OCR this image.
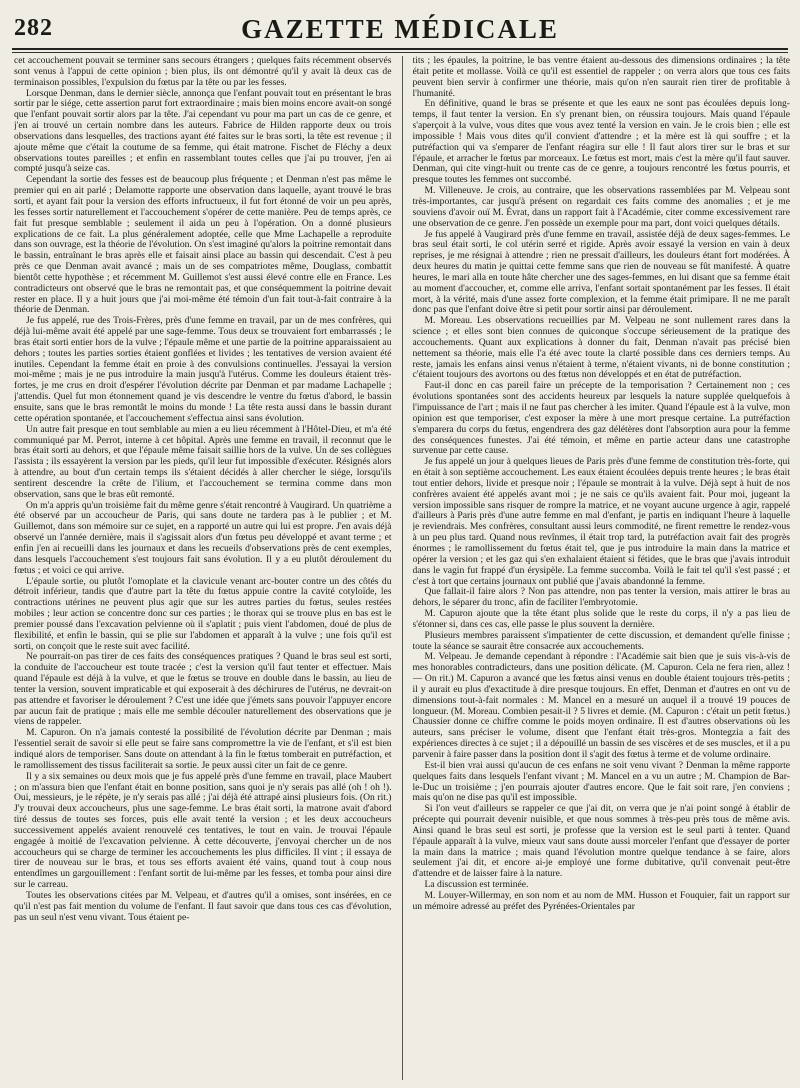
282	GAZETTE MÉDICALE

cet accouchement pouvait se terminer sans secours étrangers ; quelques faits récemment observés sont venus à l'appui de cette opinion ; bien plus, ils ont démontré qu'il y avait là deux cas de terminaison possibles, l'expulsion du fœtus par la tête ou par les fesses.

Lorsque Denman, dans le dernier siècle, annonça que l'enfant pouvait tout en présentant le bras sortir par le siége, cette assertion parut fort extraordinaire ; mais bien moins encore avait-on songé que l'enfant pouvait sortir alors par la tête. J'ai cependant vu pour ma part un cas de ce genre, et j'en ai trouvé un certain nombre dans les auteurs. Fabrice de Hilden rapporte deux ou trois observations dans lesquelles, des tractions ayant été faites sur le bras sorti, la tête est revenue ; il ajoute même que c'était la coutume de sa femme, qui était matrone. Fischet de Fléchy a deux observations toutes pareilles ; et enfin en rassemblant toutes celles que j'ai pu trouver, j'en ai compté jusqu'à seize cas.

Cependant la sortie des fesses est de beaucoup plus fréquente ; et Denman n'est pas même le premier qui en ait parlé ; Delamotte rapporte une observation dans laquelle, ayant trouvé le bras sorti, et ayant fait pour la version des efforts infructueux, il fut fort étonné de voir un peu après, les fesses sortir naturellement et l'accouchement s'opérer de cette manière. Peu de temps après, ce fait fut presque semblable ; seulement il aida un peu à l'opération. On a donné plusieurs explications de ce fait. La plus généralement adoptée, celle que Mme Lachapelle a reproduite dans son ouvrage, est la théorie de l'évolution. On s'est imaginé qu'alors la poitrine remontait dans le bassin, entraînant le bras après elle et faisait ainsi place au bassin qui descendait. C'est à peu près ce que Denman avait avancé ; mais un de ses compatriotes même, Douglass, combattit bientôt cette hypothèse ; et récemment M. Guillemot s'est aussi élevé contre elle en France. Les contradicteurs ont observé que le bras ne remontait pas, et que conséquemment la poitrine devait rester en place. Il y a huit jours que j'ai moi-même été témoin d'un fait tout-à-fait contraire à la théorie de Denman.

Je fus appelé, rue des Trois-Frères, près d'une femme en travail, par un de mes confrères, qui déjà lui-même avait été appelé par une sage-femme. Tous deux se trouvaient fort embarrassés ; le bras était sorti entier hors de la vulve ; l'épaule même et une partie de la poitrine apparaissaient au dehors ; toutes les parties sorties étaient gonflées et livides ; les tentatives de version avaient été inutiles. Cependant la femme était en proie à des convulsions continuelles. J'essayai la version moi-même ; mais je ne pus introduire la main jusqu'à l'utérus. Comme les douleurs étaient très-fortes, je me crus en droit d'espérer l'évolution décrite par Denman et par madame Lachapelle ; j'attendis. Quel fut mon étonnement quand je vis descendre le ventre du fœtus d'abord, le bassin ensuite, sans que le bras remontât le moins du monde ! La tête resta aussi dans le bassin durant cette opération spontanée, et l'accouchement s'effectua ainsi sans évolution.

Un autre fait presque en tout semblable au mien a eu lieu récemment à l'Hôtel-Dieu, et m'a été communiqué par M. Perrot, interne à cet hôpital. Après une femme en travail, il reconnut que le bras était sorti au dehors, et que l'épaule même faisait saillie hors de la vulve. Un de ses collègues l'assista ; ils essayèrent la version par les pieds, qu'il leur fut impossible d'exécuter. Résignés alors à attendre, au bout d'un certain temps ils s'étaient décidés à aller chercher le siége, lorsqu'ils sentirent descendre la crête de l'ilium, et l'accouchement se termina comme dans mon observation, sans que le bras eût remonté.

On m'a appris qu'un troisième fait du même genre s'était rencontré à Vaugirard. Un quatrième a été observé par un accoucheur de Paris, qui sans doute ne tardera pas à le publier ; et M. Guillemot, dans son mémoire sur ce sujet, en a rapporté un autre qui lui est propre. J'en avais déjà observé un l'année dernière, mais il s'agissait alors d'un fœtus peu développé et avant terme ; et enfin j'en ai recueilli dans les journaux et dans les recueils d'observations près de cent exemples, dans lesquels l'accouchement s'est toujours fait sans évolution. Il y a eu plutôt déroulement du fœtus ; et voici ce qui arrive.

L'épaule sortie, ou plutôt l'omoplate et la clavicule venant arc-bouter contre un des côtés du détroit inférieur, tandis que d'autre part la tête du fœtus appuie contre la cavité cotyloïde, les contractions utérines ne peuvent plus agir que sur les autres parties du fœtus, seules restées mobiles ; leur action se concentre donc sur ces parties ; le thorax qui se trouve plus en bas est le premier poussé dans l'excavation pelvienne où il s'aplatit ; puis vient l'abdomen, doué de plus de flexibilité, et enfin le bassin, qui se plie sur l'abdomen et apparaît à la vulve ; une fois qu'il est sorti, on conçoit que le reste suit avec facilité.

Ne pourrait-on pas tirer de ces faits des conséquences pratiques ? Quand le bras seul est sorti, la conduite de l'accoucheur est toute tracée ; c'est la version qu'il faut tenter et effectuer. Mais quand l'épaule est déjà à la vulve, et que le fœtus se trouve en double dans le bassin, au lieu de tenter la version, souvent impraticable et qui exposerait à des déchirures de l'utérus, ne devrait-on pas attendre et favoriser le déroulement ? C'est une idée que j'émets sans pouvoir l'appuyer encore par aucun fait de pratique ; mais elle me semble découler naturellement des observations que je viens de rappeler.

M. Capuron. On n'a jamais contesté la possibilité de l'évolution décrite par Denman ; mais l'essentiel serait de savoir si elle peut se faire sans compromettre la vie de l'enfant, et s'il est bien indiqué alors de temporiser. Sans doute on attendant à la fin le fœtus tomberait en putréfaction, et le ramollissement des tissus faciliterait sa sortie. Je peux aussi citer un fait de ce genre.

Il y a six semaines ou deux mois que je fus appelé près d'une femme en travail, place Maubert ; on m'assura bien que l'enfant était en bonne position, sans quoi je n'y serais pas allé (oh ! oh !). Oui, messieurs, je le répète, je n'y serais pas allé ; j'ai déjà été attrapé ainsi plusieurs fois. (On rit.) J'y trouvai deux accoucheurs, plus une sage-femme. Le bras était sorti, la matrone avait d'abord tiré dessus de toutes ses forces, puis elle avait tenté la version ; et les deux accoucheurs successivement appelés avaient renouvelé ces tentatives, le tout en vain. Je trouvai l'épaule engagée à moitié de l'excavation pelvienne. À cette découverte, j'envoyai chercher un de nos accoucheurs qui se charge de terminer les accouchements les plus difficiles. Il vint ; il essaya de tirer de nouveau sur le bras, et tous ses efforts avaient été vains, quand tout à coup nous entendîmes un gargouillement : l'enfant sortit de lui-même par les fesses, et tomba pour ainsi dire sur le carreau.

Toutes les observations citées par M. Velpeau, et d'autres qu'il a omises, sont insérées, en ce qu'il n'est pas fait mention du volume de l'enfant. Il faut savoir que dans tous ces cas d'évolution, pas un seul n'est venu vivant. Tous étaient pe-

tits ; les épaules, la poitrine, le bas ventre étaient au-dessous des dimensions ordinaires ; la tête était petite et mollasse. Voilà ce qu'il est essentiel de rappeler ; on verra alors que tous ces faits peuvent bien servir à confirmer une théorie, mais qu'on n'en saurait rien tirer de profitable à l'humanité.

En définitive, quand le bras se présente et que les eaux ne sont pas écoulées depuis long-temps, il faut tenter la version. En s'y prenant bien, on réussira toujours. Mais quand l'épaule s'aperçoit à la vulve, vous dites que vous avez tenté la version en vain. Je le crois bien ; elle est impossible ! Mais vous dites qu'il convient d'attendre ; et la mère est là qui souffre ; et la putréfaction qui va s'emparer de l'enfant réagira sur elle ! Il faut alors tirer sur le bras et sur l'épaule, et arracher le fœtus par morceaux. Le fœtus est mort, mais c'est la mère qu'il faut sauver. Denman, qui cite vingt-huit ou trente cas de ce genre, a toujours rencontré les fœtus pourris, et presque toutes les femmes ont succombé.

M. Villeneuve. Je crois, au contraire, que les observations rassemblées par M. Velpeau sont très-importantes, car jusqu'à présent on regardait ces faits comme des anomalies ; et je me souviens d'avoir ouï M. Évrat, dans un rapport fait à l'Académie, citer comme excessivement rare une observation de ce genre. J'en possède un exemple pour ma part, dont voici quelques détails.

Je fus appelé à Vaugirard près d'une femme en travail, assistée déjà de deux sages-femmes. Le bras seul était sorti, le col utérin serré et rigide. Après avoir essayé la version en vain à deux reprises, je me résignai à attendre ; rien ne pressait d'ailleurs, les douleurs étant fort modérées. À deux heures du matin je quittai cette femme sans que rien de nouveau se fût manifesté. À quatre heures, le mari alla en toute hâte chercher une des sages-femmes, en lui disant que sa femme était au moment d'accoucher, et, comme elle arriva, l'enfant sortait spontanément par les fesses. Il était mort, à la vérité, mais d'une assez forte complexion, et la femme était primipare. Il ne me paraît donc pas que l'enfant doive être si petit pour sortir ainsi par déroulement.

M. Moreau. Les observations recueillies par M. Velpeau ne sont nullement rares dans la science ; et elles sont bien connues de quiconque s'occupe sérieusement de la pratique des accouchements. Quant aux explications à donner du fait, Denman n'avait pas précisé bien nettement sa théorie, mais elle l'a été avec toute la clarté possible dans ces derniers temps. Au reste, jamais les enfans ainsi venus n'étaient à terme, n'étaient vivants, ni de bonne constitution ; c'étaient toujours des avortons ou des fœtus non développés et en état de putréfaction.

Faut-il donc en cas pareil faire un précepte de la temporisation ? Certainement non ; ces évolutions spontanées sont des accidents heureux par lesquels la nature supplée quelquefois à l'impuissance de l'art ; mais il ne faut pas chercher à les imiter. Quand l'épaule est à la vulve, mon opinion est que temporiser, c'est exposer la mère à une mort presque certaine. La putréfaction s'emparera du corps du fœtus, engendrera des gaz délétères dont l'absorption aura pour la femme des conséquences funestes. J'ai été témoin, et même en partie acteur dans une catastrophe survenue par cette cause.

Je fus appelé un jour à quelques lieues de Paris près d'une femme de constitution très-forte, qui en était à son septième accouchement. Les eaux étaient écoulées depuis trente heures ; le bras était tout entier dehors, livide et presque noir ; l'épaule se montrait à la vulve. Déjà sept à huit de nos confrères avaient été appelés avant moi ; je ne sais ce qu'ils avaient fait. Pour moi, jugeant la version impossible sans risquer de rompre la matrice, et ne voyant aucune urgence à agir, rappelé d'ailleurs à Paris près d'une autre femme en mal d'enfant, je partis en indiquant l'heure à laquelle je reviendrais. Mes confrères, consultant aussi leurs commodité, ne firent remettre le rendez-vous à un peu plus tard. Quand nous revînmes, il était trop tard, la putréfaction avait fait des progrès énormes ; le ramollissement du fœtus était tel, que je pus introduire la main dans la matrice et opérer la version ; et les gaz qui s'en exhalaient étaient si fétides, que le bras que j'avais introduit dans le vagin fut frappé d'un érysipèle. La femme succomba. Voilà le fait tel qu'il s'est passé ; et c'est à tort que certains journaux ont publié que j'avais abandonné la femme.

Que fallait-il faire alors ? Non pas attendre, non pas tenter la version, mais attirer le bras au dehors, le séparer du tronc, afin de faciliter l'embryotomie.

M. Capuron ajoute que la tête étant plus solide que le reste du corps, il n'y a pas lieu de s'étonner si, dans ces cas, elle passe le plus souvent la dernière.

Plusieurs membres paraissent s'impatienter de cette discussion, et demandent qu'elle finisse ; toute la séance se saurait être consacrée aux accouchements.

M. Velpeau. Je demande cependant à répondre : l'Académie sait bien que je suis vis-à-vis de mes honorables contradicteurs, dans une position délicate. (M. Capuron. Cela ne fera rien, allez ! — On rit.) M. Capuron a avancé que les fœtus ainsi venus en double étaient toujours très-petits ; il y aurait eu plus d'exactitude à dire presque toujours. En effet, Denman et d'autres en ont vu de dimensions tout-à-fait normales : M. Mancel en a mesuré un auquel il a trouvé 19 pouces de longueur. (M. Moreau. Combien pesait-il ? 5 livres et demie. (M. Capuron : c'était un petit fœtus.) Chaussier donne ce chiffre comme le poids moyen ordinaire. Il est d'autres observations où les auteurs, sans préciser le volume, disent que l'enfant était très-gros. Montegzia a fait des expériences directes à ce sujet ; il a dépouillé un bassin de ses viscères et de ses muscles, et il a pu parvenir à faire passer dans la position dont il s'agit des fœtus à terme et de volume ordinaire.

Est-il bien vrai aussi qu'aucun de ces enfans ne soit venu vivant ? Denman la même rapporte quelques faits dans lesquels l'enfant vivant ; M. Mancel en a vu un autre ; M. Champion de Bar-le-Duc un troisième ; j'en pourrais ajouter d'autres encore. Que le fait soit rare, j'en conviens ; mais qu'on ne dise pas qu'il est impossible.

Si l'on veut d'ailleurs se rappeler ce que j'ai dit, on verra que je n'ai point songé à établir de précepte qui pourrait devenir nuisible, et que nous sommes à très-peu près tous de même avis. Ainsi quand le bras seul est sorti, je professe que la version est le seul parti à tenter. Quand l'épaule apparaît à la vulve, mieux vaut sans doute aussi morceler l'enfant que d'essayer de porter la main dans la matrice ; mais quand l'évolution montre quelque tendance à se faire, alors seulement j'ai dit, et encore ai-je employé une forme dubitative, qu'il convenait peut-être d'attendre et de laisser faire à la nature.

La discussion est terminée.

M. Louyer-Willermay, en son nom et au nom de MM. Husson et Fouquier, fait un rapport sur un mémoire adressé au préfet des Pyrénées-Orientales par
